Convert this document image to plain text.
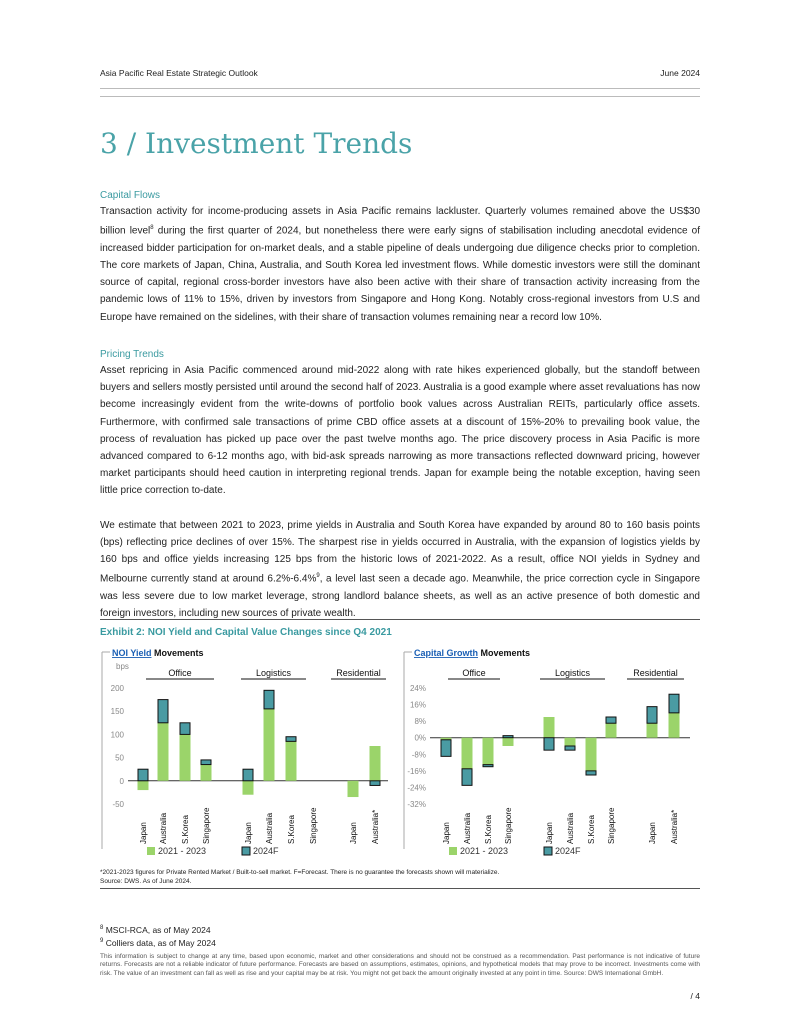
Asia Pacific Real Estate Strategic Outlook	June 2024
3 / Investment Trends

Capital Flows

Transaction activity for income-producing assets in Asia Pacific remains lackluster. Quarterly volumes remained above the US$30 billion level$^8$ during the first quarter of 2024, but nonetheless there were early signs of stabilisation including anecdotal evidence of increased bidder participation for on-market deals, and a stable pipeline of deals undergoing due diligence checks prior to completion. The core markets of Japan, China, Australia, and South Korea led investment flows. While domestic investors were still the dominant source of capital, regional cross-border investors have also been active with their share of transaction activity increasing from the pandemic lows of 11% to 15%, driven by investors from Singapore and Hong Kong. Notably cross-regional investors from U.S and Europe have remained on the sidelines, with their share of transaction volumes remaining near a record low 10%.

Pricing Trends

Asset repricing in Asia Pacific commenced around mid-2022 along with rate hikes experienced globally, but the standoff between buyers and sellers mostly persisted until around the second half of 2023. Australia is a good example where asset revaluations has now become increasingly evident from the write-downs of portfolio book values across Australian REITs, particularly office assets. Furthermore, with confirmed sale transactions of prime CBD office assets at a discount of 15%-20% to prevailing book value, the process of revaluation has picked up pace over the past twelve months ago. The price discovery process in Asia Pacific is more advanced compared to 6-12 months ago, with bid-ask spreads narrowing as more transactions reflected downward pricing, however market participants should heed caution in interpreting regional trends. Japan for example being the notable exception, having seen little price correction to-date.

We estimate that between 2021 to 2023, prime yields in Australia and South Korea have expanded by around 80 to 160 basis points (bps) reflecting price declines of over 15%. The sharpest rise in yields occurred in Australia, with the expansion of logistics yields by 160 bps and office yields increasing 125 bps from the historic lows of 2021-2022. As a result, office NOI yields in Sydney and Melbourne currently stand at around 6.2%-6.4%$^9$, a level last seen a decade ago. Meanwhile, the price correction cycle in Singapore was less severe due to low market leverage, strong landlord balance sheets, as well as an active presence of both domestic and foreign investors, including new sources of private wealth.

Exhibit 2: NOI Yield and Capital Value Changes since Q4 2021
NOI Yield Movements
bps
200
150
100
50
0
-50
Office	Logistics	Residential
Japan Australia S.Korea Singapore	Japan Australia S.Korea Singapore	Japan Australia*
2021 - 2023	2024F
Capital Growth Movements
24%
16%
8%
0%
-8%
-16%
-24%
-32%
Office	Logistics	Residential
Japan Australia S.Korea Singapore	Japan Australia S.Korea Singapore	Japan Australia*
2021 - 2023	2024F
*2021-2023 figures for Private Rented Market / Built-to-sell market. F=Forecast. There is no guarantee the forecasts shown will materialize.
Source: DWS. As of June 2024.
$^8$ MSCI-RCA, as of May 2024
$^9$ Colliers data, as of May 2024
This information is subject to change at any time, based upon economic, market and other considerations and should not be construed as a recommendation. Past performance is not indicative of future returns. Forecasts are not a reliable indicator of future performance. Forecasts are based on assumptions, estimates, opinions, and hypothetical models that may prove to be incorrect. Investments come with risk. The value of an investment can fall as well as rise and your capital may be at risk. You might not get back the amount originally invested at any point in time. Source: DWS International GmbH.
/ 4
